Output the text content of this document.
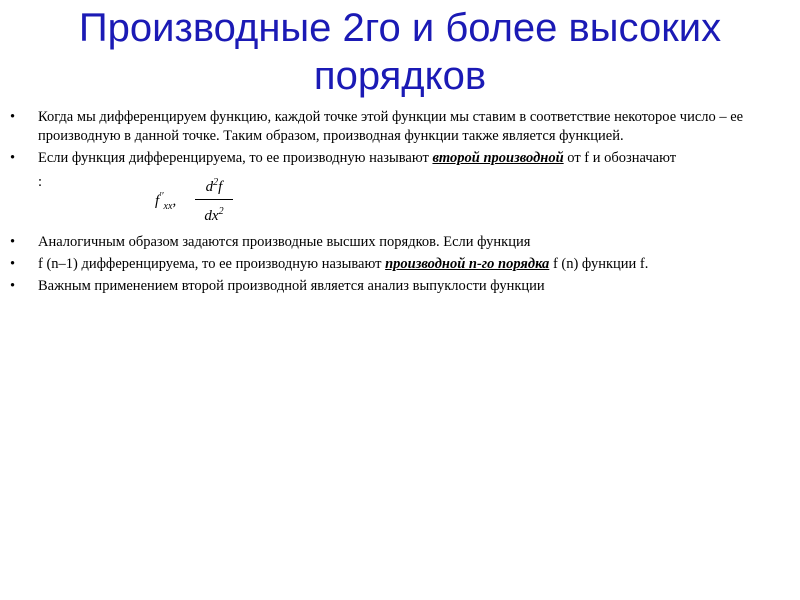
Производные 2го и более высоких порядков
•	Когда мы дифференцируем функцию, каждой точке этой функции мы ставим в соответствие некоторое число – ее производную в данной точке. Таким образом, производная функции также является функцией.
•	Если функция дифференцируема, то ее производную называют второй производной от f и обозначают
:
$f''_{xx}$,
$d^2f$
$dx^2$
•	Аналогичным образом задаются производные высших порядков. Если функция
•	f (n–1) дифференцируема, то ее производную называют производной n-го порядка f (n) функции f.
•	Важным применением второй производной является анализ выпуклости функции
